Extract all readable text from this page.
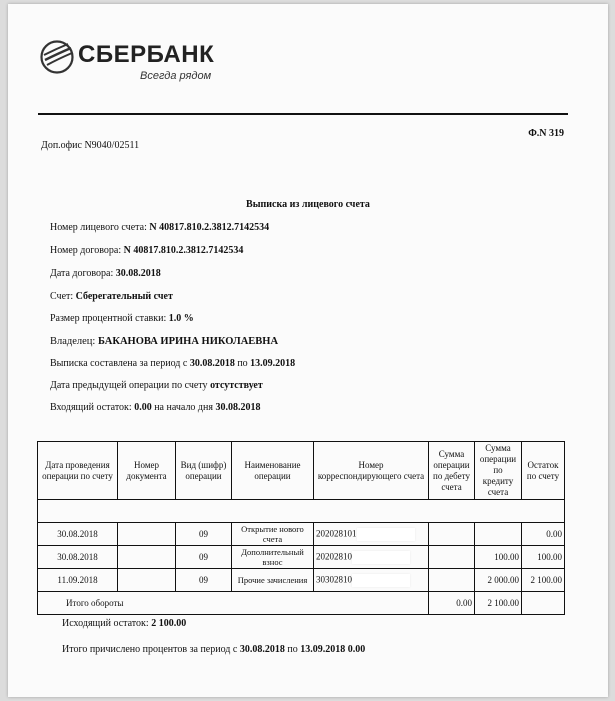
СБЕРБАНК
Всегда рядом
Доп.офис N9040/02511
Ф.N 319
Выписка из лицевого счета
Номер лицевого счета: N 40817.810.2.3812.7142534
Номер договора: N 40817.810.2.3812.7142534
Дата договора: 30.08.2018
Счет: Сберегательный счет
Размер процентной ставки: 1.0 %
Владелец: БАКАНОВА ИРИНА НИКОЛАЕВНА
Выписка составлена за период с 30.08.2018 по 13.09.2018
Дата предыдущей операции по счету отсутствует
Входящий остаток: 0.00 на начало дня 30.08.2018
Дата проведения операции по счету	Номер документа	Вид (шифр) операции	Наименование операции	Номер корреспондирующего счета	Сумма операции по дебету счета	Сумма операции по кредиту счета	Остаток по счету

30.08.2018		09	Открытие нового счета	202028101			0.00
30.08.2018		09	Дополнительный взнос	20202810		100.00	100.00
11.09.2018		09	Прочие зачисления	30302810		2 000.00	2 100.00
Итого обороты					0.00	2 100.00	
Исходящий остаток: 2 100.00
Итого причислено процентов за период с 30.08.2018 по 13.09.2018 0.00
